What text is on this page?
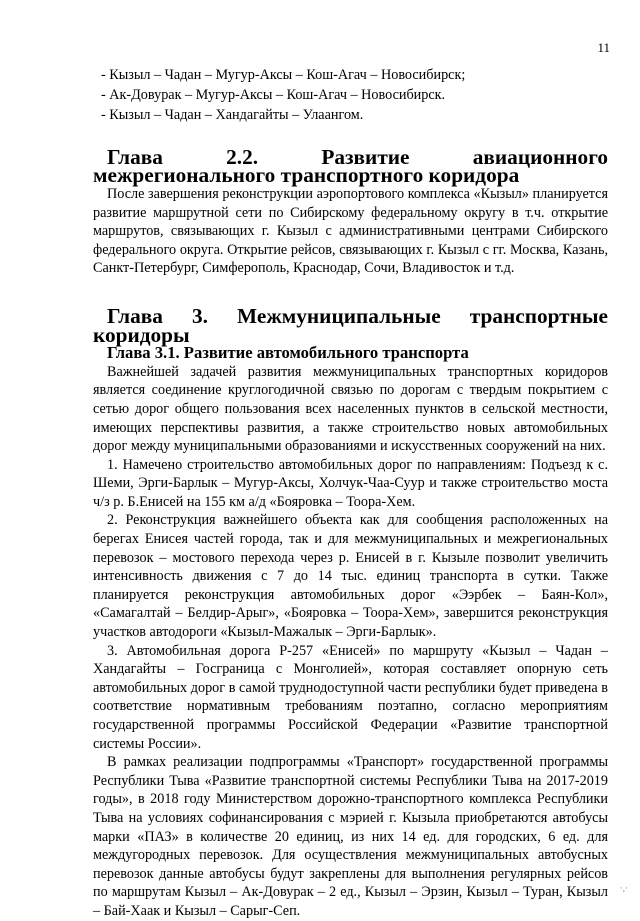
11
- Кызыл – Чадан – Мугур-Аксы – Кош-Агач – Новосибирск;
- Ак-Довурак – Мугур-Аксы – Кош-Агач – Новосибирск.
- Кызыл – Чадан – Хандагайты – Улаангом.
Глава 2.2. Развитие авиационного межрегионального транспортного коридора

После завершения реконструкции аэропортового комплекса «Кызыл» планируется развитие маршрутной сети по Сибирскому федеральному округу в т.ч. открытие маршрутов, связывающих г. Кызыл с административными центрами Сибирского федерального округа. Открытие рейсов, связывающих г. Кызыл с гг. Москва, Казань, Санкт-Петербург, Симферополь, Краснодар, Сочи, Владивосток и т.д.

Глава 3. Межмуниципальные транспортные коридоры
Глава 3.1. Развитие автомобильного транспорта

Важнейшей задачей развития межмуниципальных транспортных коридоров является соединение круглогодичной связью по дорогам с твердым покрытием с сетью дорог общего пользования всех населенных пунктов в сельской местности, имеющих перспективы развития, а также строительство новых автомобильных дорог между муниципальными образованиями и искусственных сооружений на них.

1. Намечено строительство автомобильных дорог по направлениям: Подъезд к с. Шеми, Эрги-Барлык – Мугур-Аксы, Холчук-Чаа-Суур и также строительство моста ч/з р. Б.Енисей на 155 км а/д «Бояровка – Тоора-Хем.

2. Реконструкция важнейшего объекта как для сообщения расположенных на берегах Енисея частей города, так и для межмуниципальных и межрегиональных перевозок – мостового перехода через р. Енисей в г. Кызыле позволит увеличить интенсивность движения с 7 до 14 тыс. единиц транспорта в сутки. Также планируется реконструкция автомобильных дорог «Ээрбек – Баян-Кол», «Самагалтай – Белдир-Арыг», «Бояровка – Тоора-Хем», завершится реконструкция участков автодороги «Кызыл-Мажалык – Эрги-Барлык».

3. Автомобильная дорога Р-257 «Енисей» по маршруту «Кызыл – Чадан – Хандагайты – Госграница с Монголией», которая составляет опорную сеть автомобильных дорог в самой труднодоступной части республики будет приведена в соответствие нормативным требованиям поэтапно, согласно мероприятиям государственной программы Российской Федерации «Развитие транспортной системы России».

В рамках реализации подпрограммы «Транспорт» государственной программы Республики Тыва «Развитие транспортной системы Республики Тыва на 2017-2019 годы», в 2018 году Министерством дорожно-транспортного комплекса Республики Тыва на условиях софинансирования с мэрией г. Кызыла приобретаются автобусы марки «ПАЗ» в количестве 20 единиц, из них 14 ед. для городских, 6 ед. для междугородных перевозок. Для осуществления межмуниципальных автобусных перевозок данные автобусы будут закреплены для выполнения регулярных рейсов по маршрутам Кызыл – Ак-Довурак – 2 ед., Кызыл – Эрзин, Кызыл – Туран, Кызыл – Бай-Хаак и Кызыл – Сарыг-Сеп.

·,·
